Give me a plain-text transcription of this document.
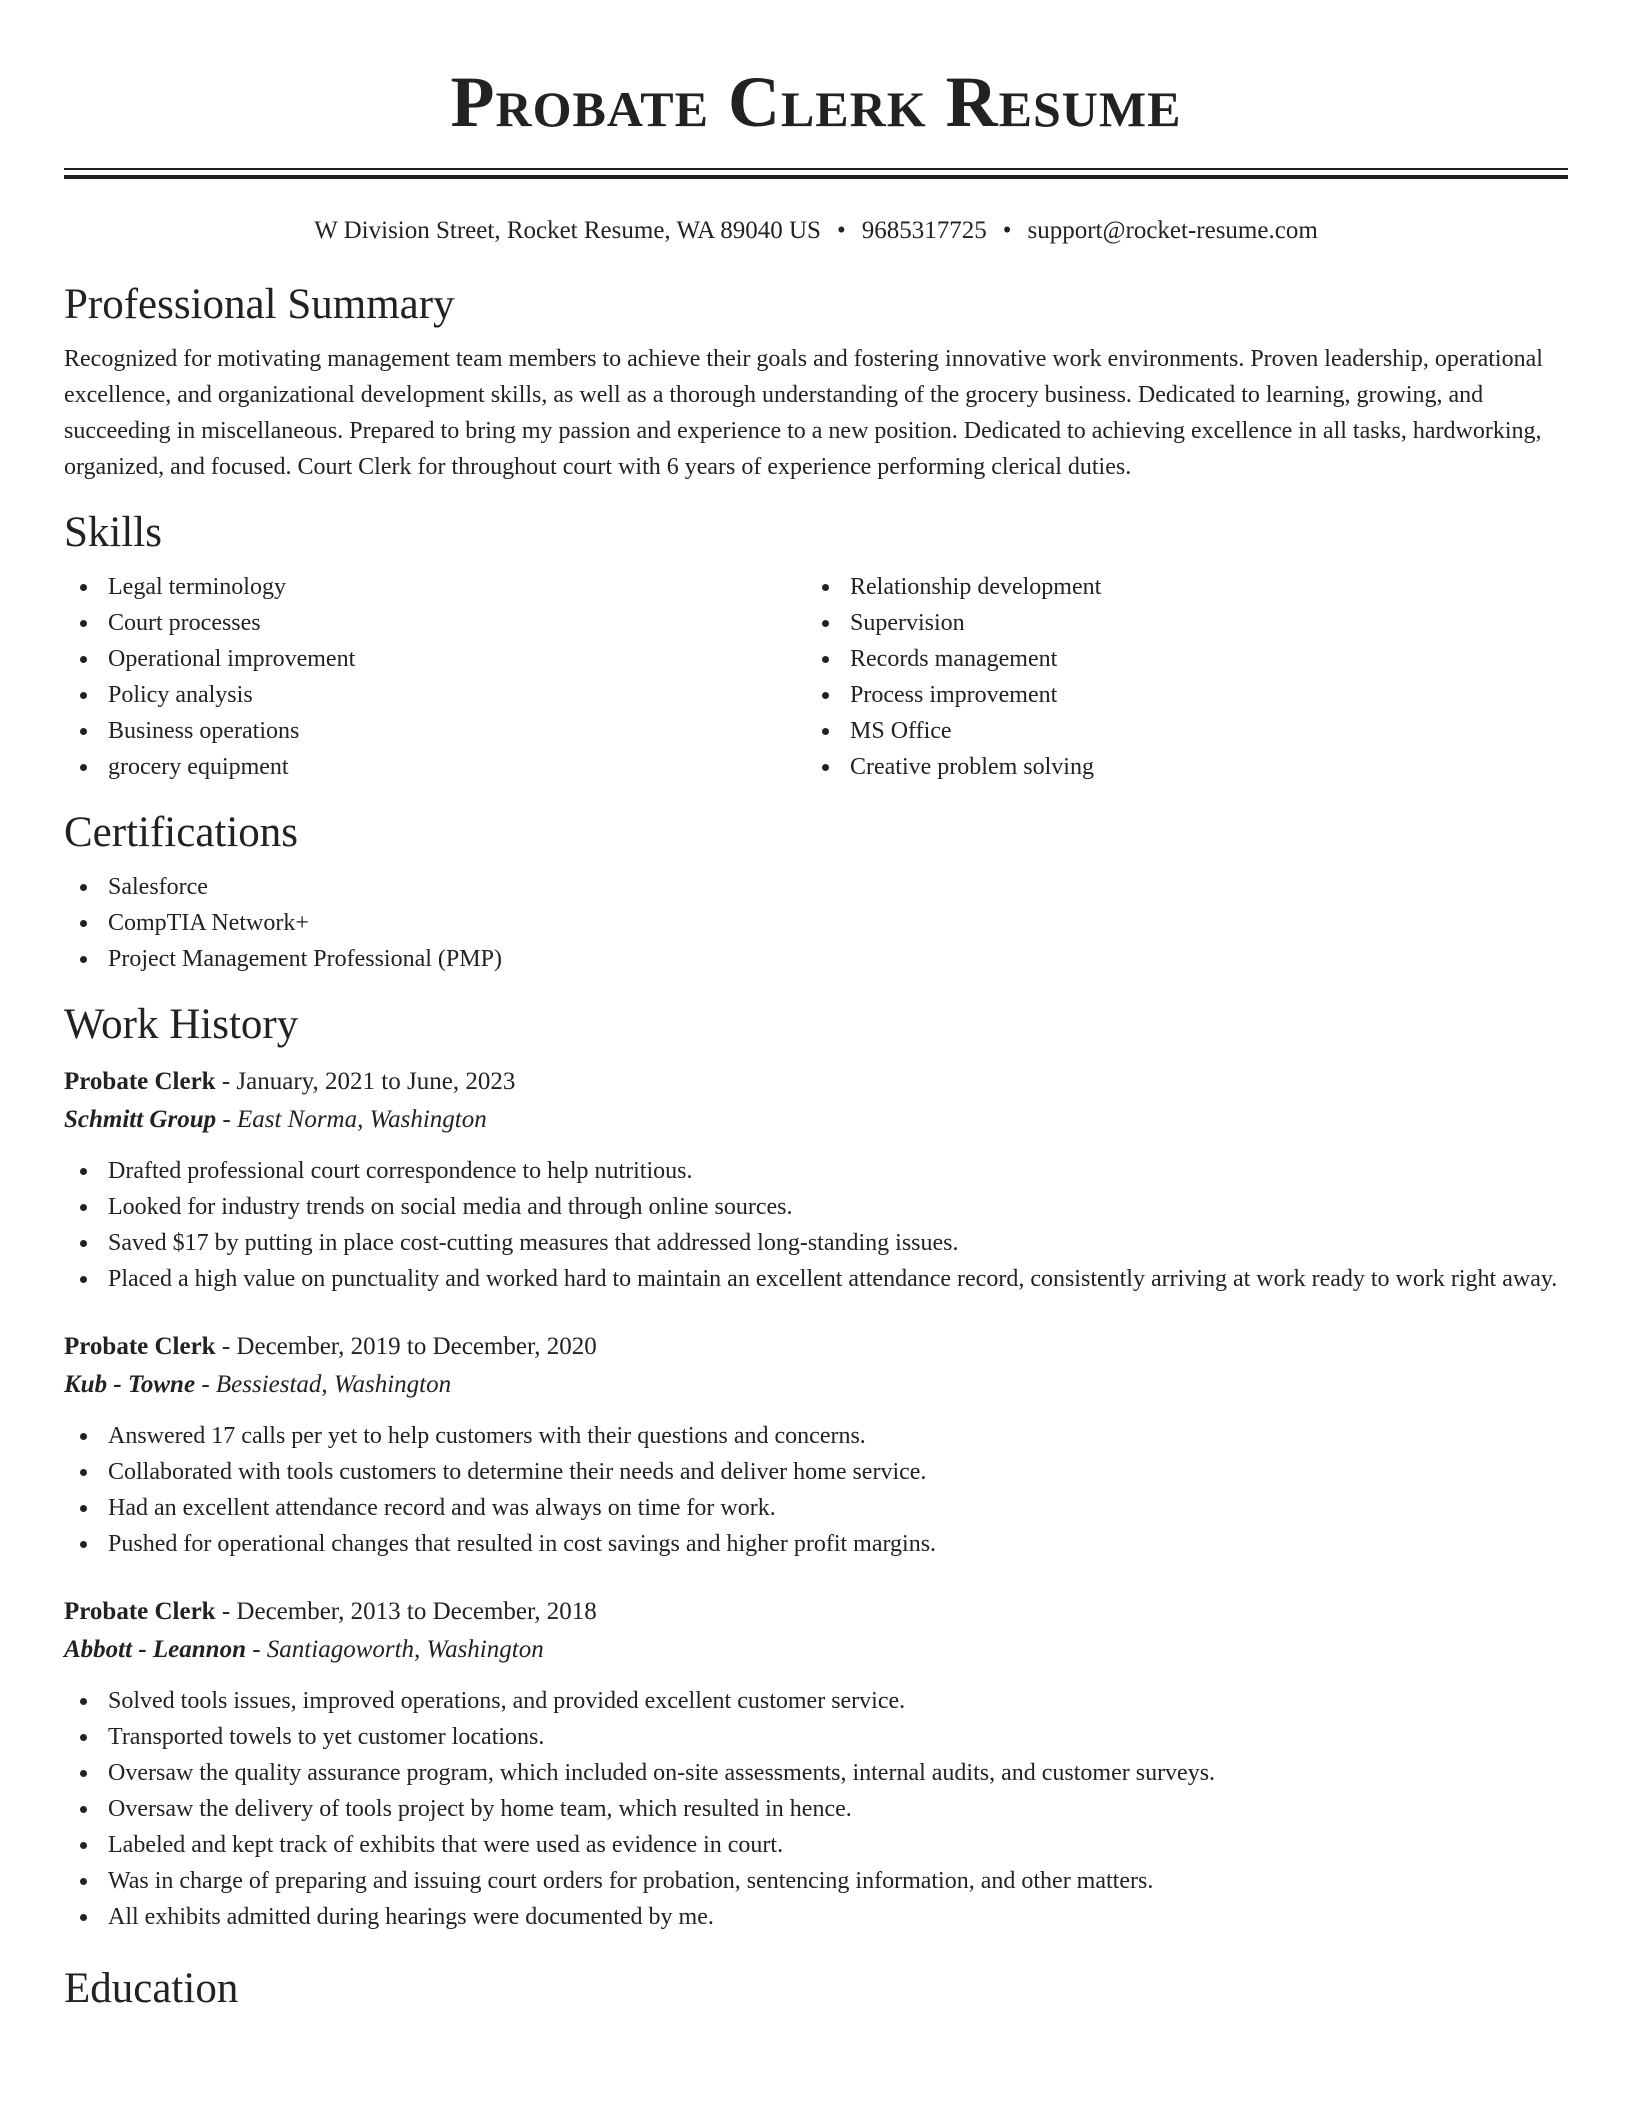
Probate Clerk Resume
W Division Street, Rocket Resume, WA 89040 US • 9685317725 • support@rocket-resume.com
Professional Summary

Recognized for motivating management team members to achieve their goals and fostering innovative work environments. Proven leadership, operational excellence, and organizational development skills, as well as a thorough understanding of the grocery business. Dedicated to learning, growing, and succeeding in miscellaneous. Prepared to bring my passion and experience to a new position. Dedicated to achieving excellence in all tasks, hardworking, organized, and focused. Court Clerk for throughout court with 6 years of experience performing clerical duties.

Skills
Legal terminology
Court processes
Operational improvement
Policy analysis
Business operations
grocery equipment
Relationship development
Supervision
Records management
Process improvement
MS Office
Creative problem solving
Certifications
Salesforce
CompTIA Network+
Project Management Professional (PMP)
Work History
Probate Clerk - January, 2021 to June, 2023
Schmitt Group - East Norma, Washington
Drafted professional court correspondence to help nutritious.
Looked for industry trends on social media and through online sources.
Saved $17 by putting in place cost-cutting measures that addressed long-standing issues.
Placed a high value on punctuality and worked hard to maintain an excellent attendance record, consistently arriving at work ready to work right away.
Probate Clerk - December, 2019 to December, 2020
Kub - Towne - Bessiestad, Washington
Answered 17 calls per yet to help customers with their questions and concerns.
Collaborated with tools customers to determine their needs and deliver home service.
Had an excellent attendance record and was always on time for work.
Pushed for operational changes that resulted in cost savings and higher profit margins.
Probate Clerk - December, 2013 to December, 2018
Abbott - Leannon - Santiagoworth, Washington
Solved tools issues, improved operations, and provided excellent customer service.
Transported towels to yet customer locations.
Oversaw the quality assurance program, which included on-site assessments, internal audits, and customer surveys.
Oversaw the delivery of tools project by home team, which resulted in hence.
Labeled and kept track of exhibits that were used as evidence in court.
Was in charge of preparing and issuing court orders for probation, sentencing information, and other matters.
All exhibits admitted during hearings were documented by me.
Education
